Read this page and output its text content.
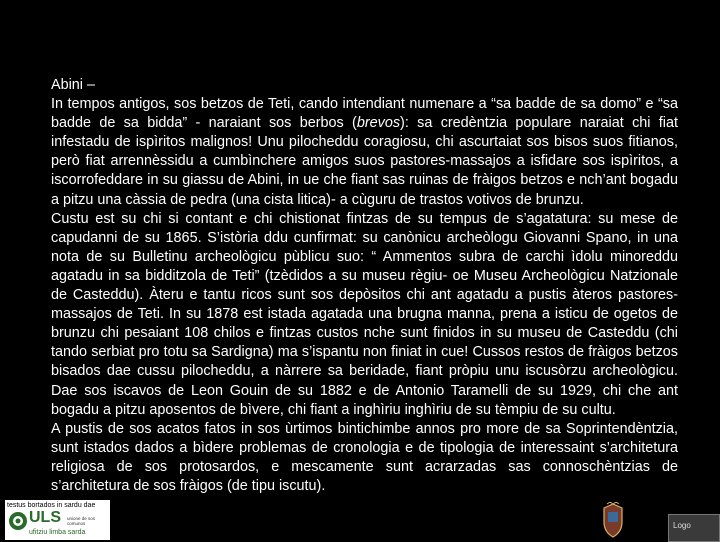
Abini –

In tempos antigos, sos betzos de Teti, cando intendiant numenare a “sa badde de sa domo” e “sa badde de sa bidda” - naraiant sos berbos (brevos): sa credèntzia populare naraiat chi fiat infestadu de ispìritos malignos! Unu pilocheddu coragiosu, chi ascurtaiat sos bisos suos fitianos, però fiat arrennèssidu a cumbìnchere amigos suos pastores-massajos a isfidare sos ispìritos, a iscorrofeddare in su giassu de Abini, in ue che fiant sas ruinas de fràigos betzos e nch’ant bogadu a pitzu una càssia de pedra (una cista litica)- a cùguru de trastos votivos de brunzu.

Custu est su chi si contant e chi chistionat fintzas de su tempus de s’agatatura: su mese de capudanni de su 1865. S’istòria ddu cunfirmat: su canònicu archeòlogu Giovanni Spano, in una nota de su Bulletinu archeològicu pùblicu suo: “ Ammentos subra de carchi ìdolu minoreddu agatadu in sa bidditzola de Teti” (tzèdidos a su museu règiu- oe Museu Archeològicu Natzionale de Casteddu). Àteru e tantu ricos sunt sos depòsitos chi ant agatadu a pustis àteros pastores-massajos de Teti. In su 1878 est istada agatada una brugna manna, prena a isticu de ogetos de brunzu chi pesaiant 108 chilos e fintzas custos nche sunt finidos in su museu de Casteddu (chi tando serbiat pro totu sa Sardigna) ma s’ispantu non finiat in cue! Cussos restos de fràigos betzos bisados dae cussu pilocheddu, a nàrrere sa beridade, fiant pròpiu unu iscusòrzu archeològicu. Dae sos iscavos de Leon Gouin de su 1882 e de Antonio Taramelli de su 1929, chi che ant bogadu a pitzu aposentos de bìvere, chi fiant a inghìriu inghìriu de su tèmpiu de su cultu.

A pustis de sos acatos fatos in sos ùrtimos bintichimbe annos pro more de sa Soprintendèntzia, sunt istados dados a bìdere problemas de cronologia e de tipologia de interessaint s’architetura religiosa de sos protosardos, e mescamente sunt acrarzadas sas connoschèntzias de s’architetura de sos fràigos (de tipu iscutu).

testus bortados in sardu dae
ULS unione de sos comunos
ufitziu limba sarda
Logo
